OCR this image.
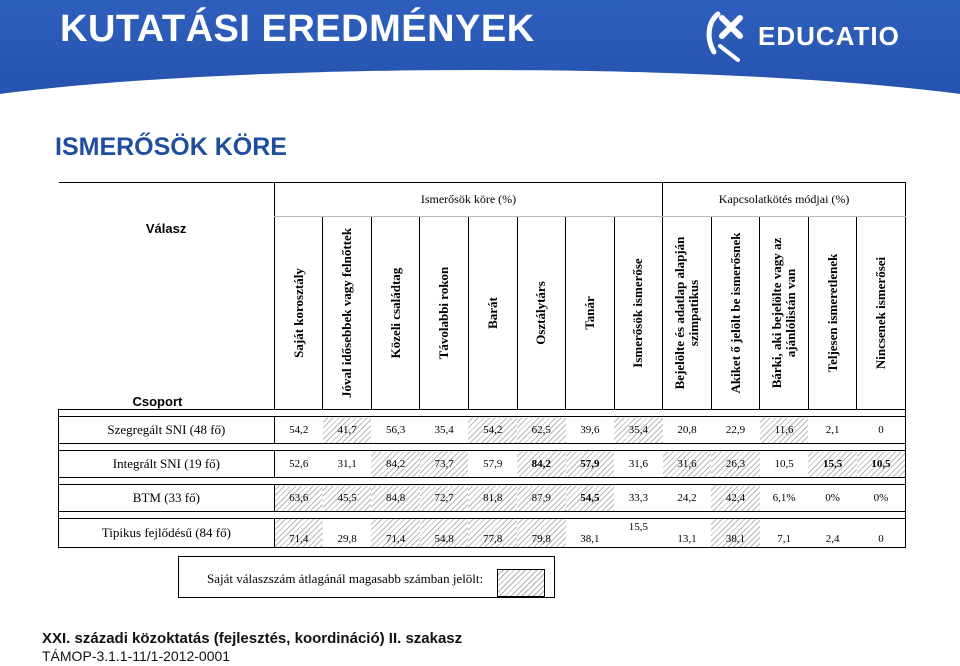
KUTATÁSI EREDMÉNYEK	EDUCATIO
ISMERŐSÖK KÖRE
Válasz
Csoport	Ismerősök köre (%)								Kapcsolatkötés módjai (%)				

	Saját korosztály	Jóval idősebbek vagy felnőttek	Közeli családtag	Távolabbi rokon	Barát	Osztálytárs	Tanár	Ismerősök ismerőse	Bejelölte és adatlap alapján szimpatikus	Akiket ő jelölt be ismerősnek	Bárki, aki bejelölte vagy az ajánlólistán van	Teljesen ismeretlenek	Nincsenek ismerősei

Szegregált SNI (48 fő)	54,2	41,7	56,3	35,4	54,2	62,5	39,6	35,4	20,8	22,9	11,6	2,1	0

Integrált SNI (19 fő)	52,6	31,1	84,2	73,7	57,9	84,2	57,9	31,6	31,6	26,3	10,5	15,5	10,5

BTM (33 fő)	63,6	45,5	84,8	72,7	81,8	87,9	54,5	33,3	24,2	42,4	6,1%	0%	0%

Tipikus fejlődésű (84 fő)	71,4	29,8	71,4	54,8	77,8	79,8	38,1	15,5	13,1	38,1	7,1	2,4	0
Saját válaszszám átlagánál magasabb számban jelölt:

XXI. századi közoktatás (fejlesztés, koordináció) II. szakasz

TÁMOP-3.1.1-11/1-2012-0001
